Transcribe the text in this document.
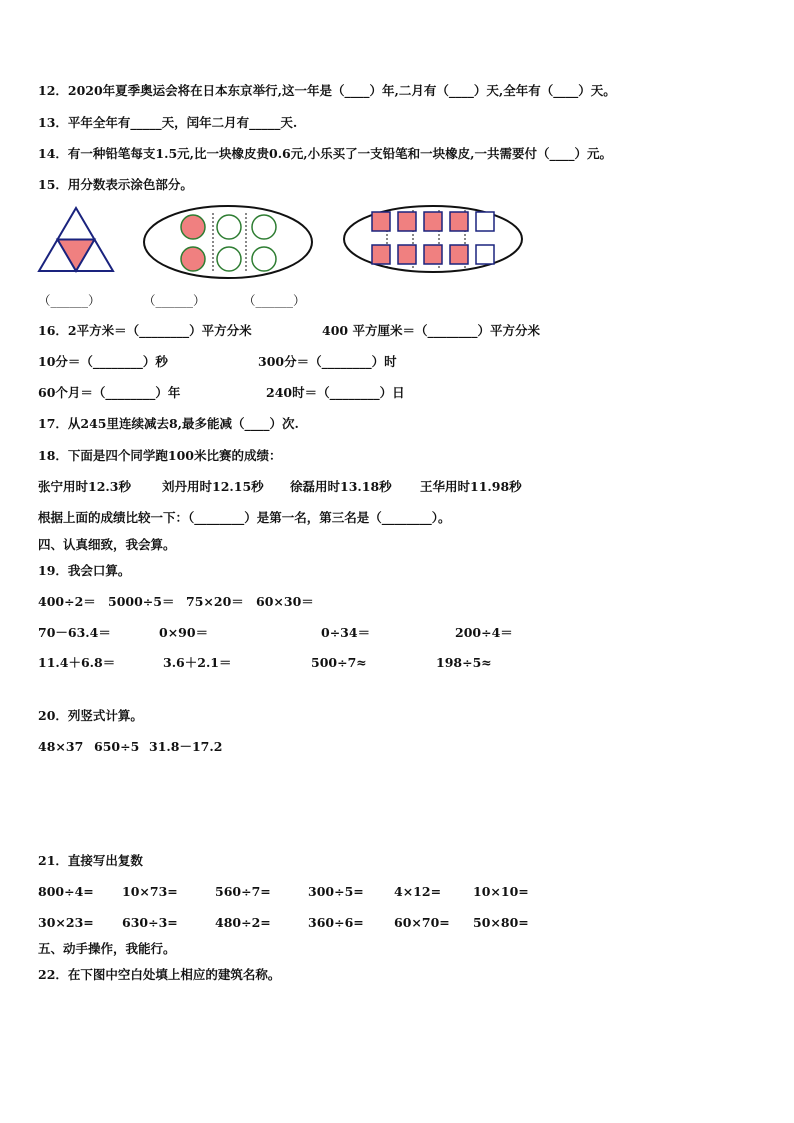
12．2020年夏季奥运会将在日本东京举行,这一年是（____）年,二月有（____）天,全年有（____）天。
13．平年全年有_____天，闰年二月有_____天.
14．有一种铅笔每支1.5元,比一块橡皮贵0.6元,小乐买了一支铅笔和一块橡皮,一共需要付（____）元。
15．用分数表示涂色部分。
（______）	（______）	（______）
16．2平方米＝（________）平方分米	400 平方厘米＝（________）平方分米
10分＝（________）秒	300分＝（________）时
60个月＝（________）年	240时＝（________）日
17．从245里连续减去8,最多能减（____）次.
18．下面是四个同学跑100米比赛的成绩：
张宁用时12.3秒 刘丹用时12.15秒 徐磊用时13.18秒 王华用时11.98秒
根据上面的成绩比较一下：（________）是第一名，第三名是（________）。
四、认真细致，我会算。
19．我会口算。
400÷2＝ 5000÷5＝ 75×20＝ 60×30＝
70－63.4＝	0×90＝	0÷34＝	200÷4＝
11.4＋6.8＝	3.6＋2.1＝	500÷7≈	198÷5≈
20．列竖式计算。
48×37 650÷5 31.8－17.2
21．直接写出复数
800÷4= 10×73=	560÷7=	300÷5= 4×12=	10×10=
30×23= 630÷3=	480÷2=	360÷6= 60×70= 50×80=
五、动手操作，我能行。
22．在下图中空白处填上相应的建筑名称。
